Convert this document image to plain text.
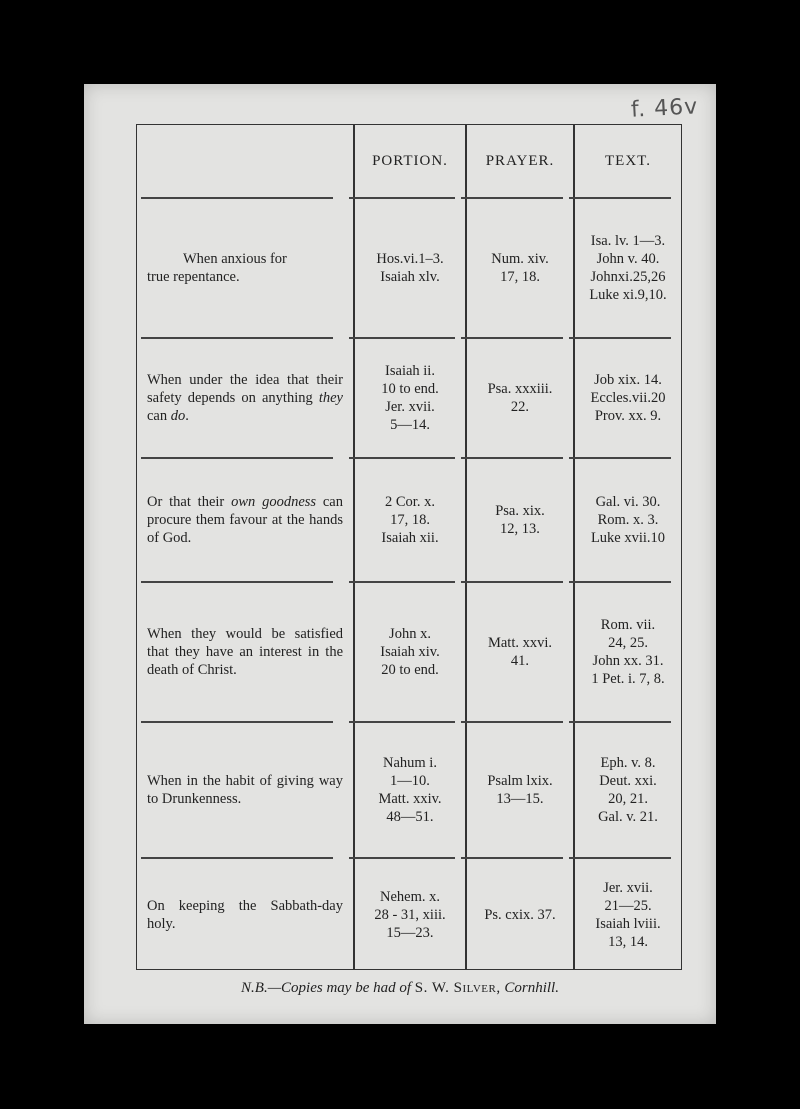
f. 46v
PORTION.	PRAYER.	TEXT.
When anxious for
true repentance.
Hos.vi.1–3.
Isaiah xlv.
Num. xiv.
17, 18.
Isa. lv. 1—3.
John v. 40.
Johnxi.25,26
Luke xi.9,10.
When under the idea that their safety depends on anything they can do.
Isaiah ii.
10 to end.
Jer. xvii.
5—14.
Psa. xxxiii.
22.
Job xix. 14.
Eccles.vii.20
Prov. xx. 9.
Or that their own goodness can procure them favour at the hands of God.
2 Cor. x.
17, 18.
Isaiah xii.
Psa. xix.
12, 13.
Gal. vi. 30.
Rom. x. 3.
Luke xvii.10
When they would be satisfied that they have an interest in the death of Christ.
John x.
Isaiah xiv.
20 to end.
Matt. xxvi.
41.
Rom. vii.
24, 25.
John xx. 31.
1 Pet. i. 7, 8.
When in the habit of giving way to Drunkenness.
Nahum i.
1—10.
Matt. xxiv.
48—51.
Psalm lxix.
13—15.
Eph. v. 8.
Deut. xxi.
20, 21.
Gal. v. 21.
On keeping the Sabbath-day holy.
Nehem. x.
28 - 31, xiii.
15—23.
Ps. cxix. 37.
Jer. xvii.
21—25.
Isaiah lviii.
13, 14.
N.B.—Copies may be had of S. W. Silver, Cornhill.
